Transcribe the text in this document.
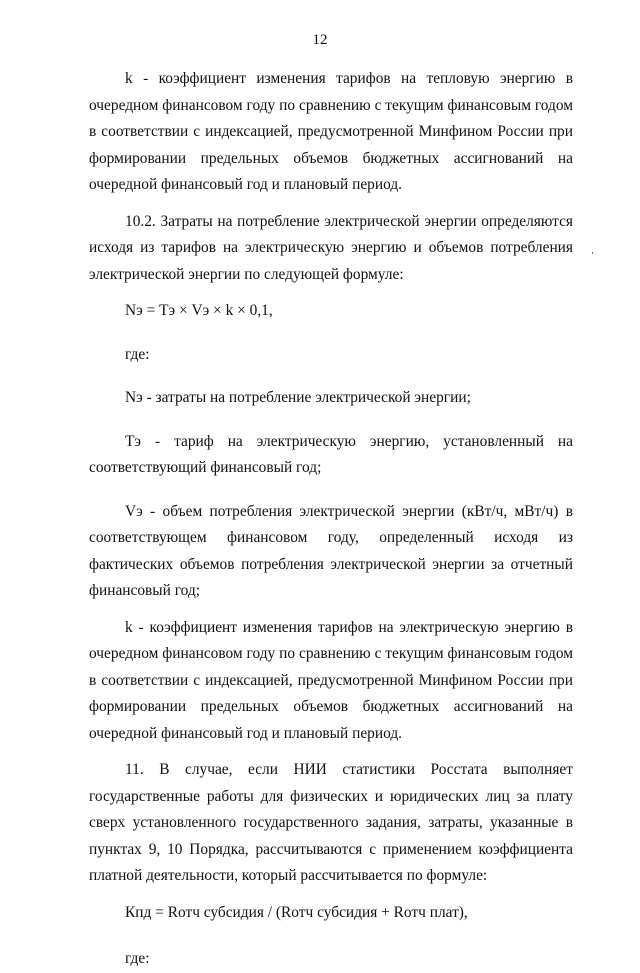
12

k - коэффициент изменения тарифов на тепловую энергию в очередном финансовом году по сравнению с текущим финансовым годом в соответствии с индексацией, предусмотренной Минфином России при формировании предельных объемов бюджетных ассигнований на очередной финансовый год и плановый период.

10.2. Затраты на потребление электрической энергии определяются исходя из тарифов на электрическую энергию и объемов потребления электрической энергии по следующей формуле:

Nэ = Тэ × Vэ × k × 0,1,

где:

Nэ - затраты на потребление электрической энергии;

Тэ - тариф на электрическую энергию, установленный на соответствующий финансовый год;

Vэ - объем потребления электрической энергии (кВт/ч, мВт/ч) в соответствующем финансовом году, определенный исходя из фактических объемов потребления электрической энергии за отчетный финансовый год;

k - коэффициент изменения тарифов на электрическую энергию в очередном финансовом году по сравнению с текущим финансовым годом в соответствии с индексацией, предусмотренной Минфином России при формировании предельных объемов бюджетных ассигнований на очередной финансовый год и плановый период.

11. В случае, если НИИ статистики Росстата выполняет государственные работы для физических и юридических лиц за плату сверх установленного государственного задания, затраты, указанные в пунктах 9, 10 Порядка, рассчитываются с применением коэффициента платной деятельности, который рассчитывается по формуле:

Кпд = Rотч субсидия / (Rотч субсидия + Rотч плат),

где:
